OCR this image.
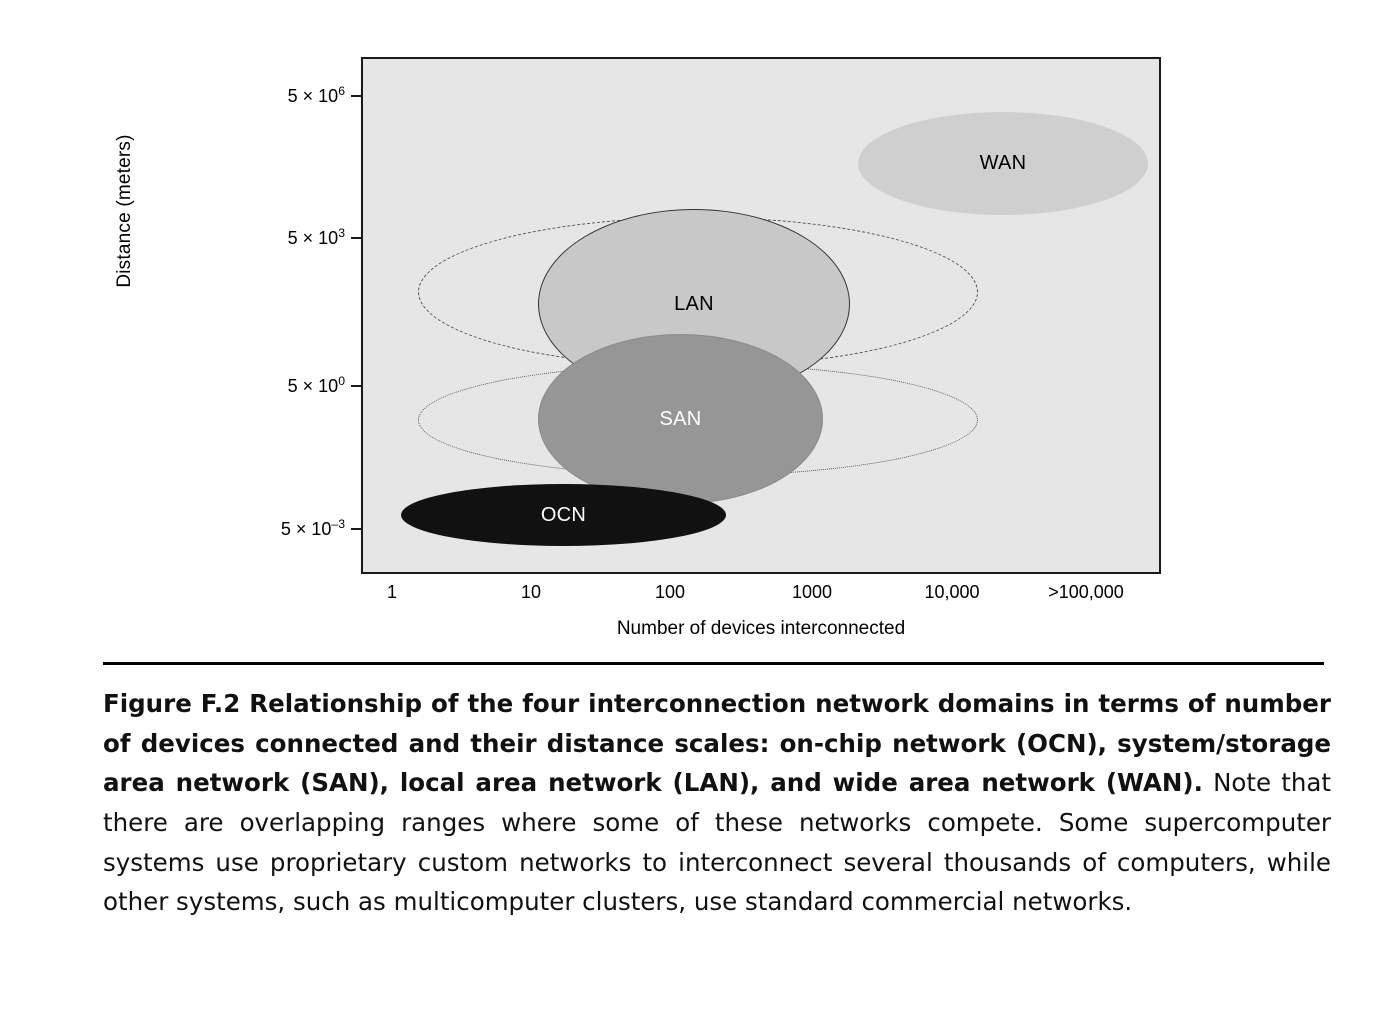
Distance (meters)
$5 \times 10^6$
$5 \times 10^3$
$5 \times 10^0$
$5 \times 10^{-3}$
WAN
LAN
SAN
OCN
1	10	100	1000	10,000	>100,000
Number of devices interconnected
Figure F.2 Relationship of the four interconnection network domains in terms of number of devices connected and their distance scales: on-chip network (OCN), system/storage area network (SAN), local area network (LAN), and wide area network (WAN). Note that there are overlapping ranges where some of these networks compete. Some supercomputer systems use proprietary custom networks to interconnect several thousands of computers, while other systems, such as multicomputer clusters, use standard commercial networks.
